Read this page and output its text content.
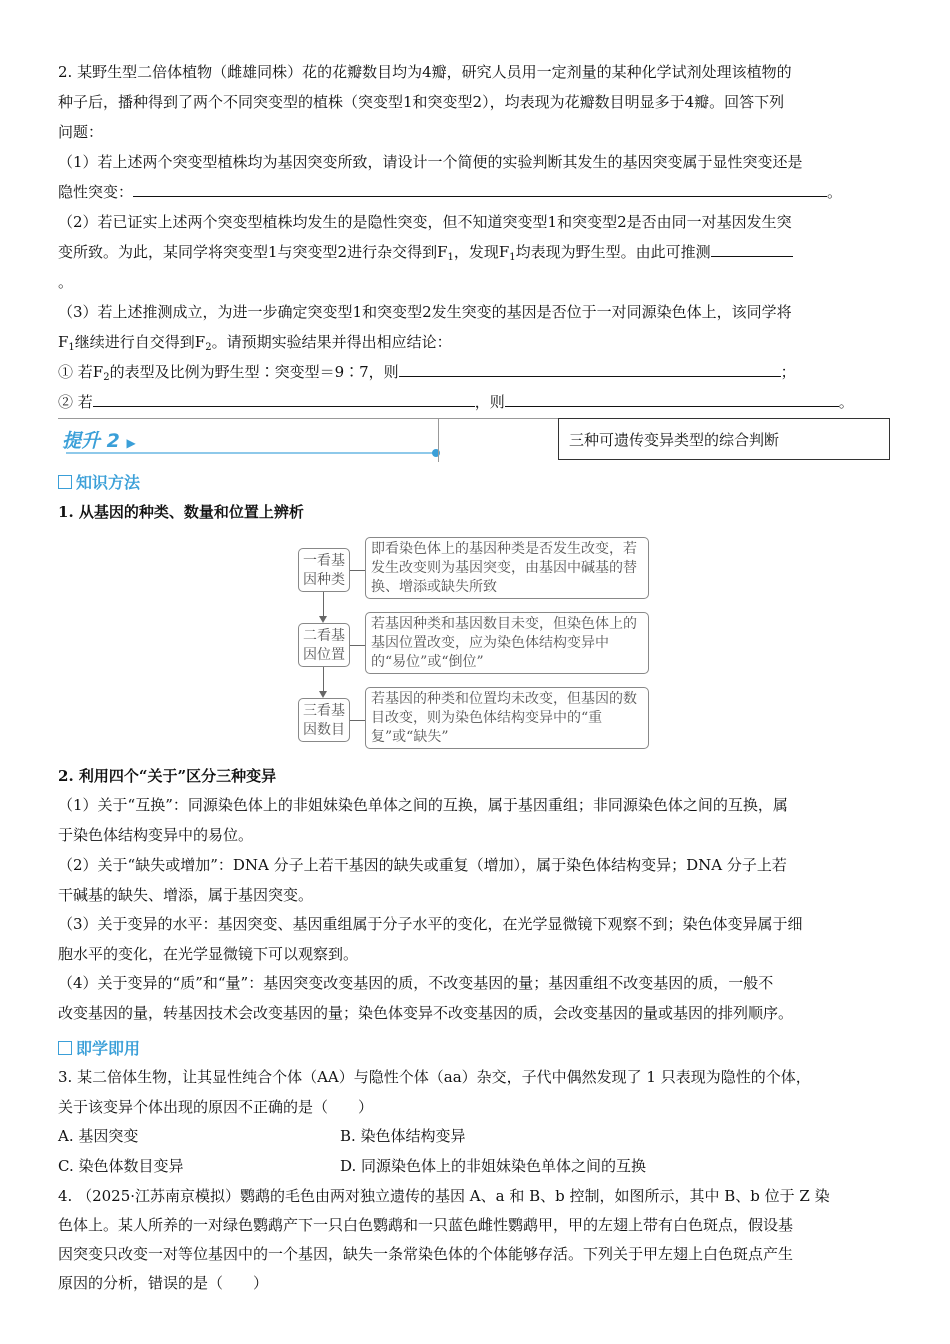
2. 某野生型二倍体植物（雌雄同株）花的花瓣数目均为4瓣，研究人员用一定剂量的某种化学试剂处理该植物的
种子后，播种得到了两个不同突变型的植株（突变型1和突变型2），均表现为花瓣数目明显多于4瓣。回答下列
问题：
（1）若上述两个突变型植株均为基因突变所致，请设计一个简便的实验判断其发生的基因突变属于显性突变还是
隐性突变：	。
（2）若已证实上述两个突变型植株均发生的是隐性突变，但不知道突变型1和突变型2是否由同一对基因发生突
变所致。为此，某同学将突变型1与突变型2进行杂交得到$F_1$，发现$F_1$均表现为野生型。由此可推测
。
（3）若上述推测成立，为进一步确定突变型1和突变型2发生突变的基因是否位于一对同源染色体上，该同学将
$F_1$继续进行自交得到$F_2$。请预期实验结果并得出相应结论：
① 若$F_2$的表型及比例为野生型∶突变型＝9∶7，则	；
② 若	，则	。
提升 2 ▶	三种可遗传变异类型的综合判断
知识方法
1. 从基因的种类、数量和位置上辨析
一看基
因种类
即看染色体上的基因种类是否发生改变，若发生改变则为基因突变，由基因中碱基的替换、增添或缺失所致
二看基
因位置
若基因种类和基因数目未变，但染色体上的基因位置改变，应为染色体结构变异中的“易位”或“倒位”
三看基
因数目
若基因的种类和位置均未改变，但基因的数目改变，则为染色体结构变异中的“重复”或“缺失”
2. 利用四个“关于”区分三种变异
（1）关于“互换”：同源染色体上的非姐妹染色单体之间的互换，属于基因重组；非同源染色体之间的互换，属
于染色体结构变异中的易位。
（2）关于“缺失或增加”：DNA 分子上若干基因的缺失或重复（增加），属于染色体结构变异；DNA 分子上若
干碱基的缺失、增添，属于基因突变。
（3）关于变异的水平：基因突变、基因重组属于分子水平的变化，在光学显微镜下观察不到；染色体变异属于细
胞水平的变化，在光学显微镜下可以观察到。
（4）关于变异的“质”和“量”：基因突变改变基因的质，不改变基因的量；基因重组不改变基因的质，一般不
改变基因的量，转基因技术会改变基因的量；染色体变异不改变基因的质，会改变基因的量或基因的排列顺序。
即学即用
3. 某二倍体生物，让其显性纯合个体（AA）与隐性个体（aa）杂交，子代中偶然发现了 1 只表现为隐性的个体，
关于该变异个体出现的原因不正确的是（　　）
A. 基因突变	B. 染色体结构变异
C. 染色体数目变异	D. 同源染色体上的非姐妹染色单体之间的互换
4. （2025·江苏南京模拟）鹦鹉的毛色由两对独立遗传的基因 A、a 和 B、b 控制，如图所示，其中 B、b 位于 Z 染
色体上。某人所养的一对绿色鹦鹉产下一只白色鹦鹉和一只蓝色雌性鹦鹉甲，甲的左翅上带有白色斑点，假设基
因突变只改变一对等位基因中的一个基因，缺失一条常染色体的个体能够存活。下列关于甲左翅上白色斑点产生
原因的分析，错误的是（　　）
